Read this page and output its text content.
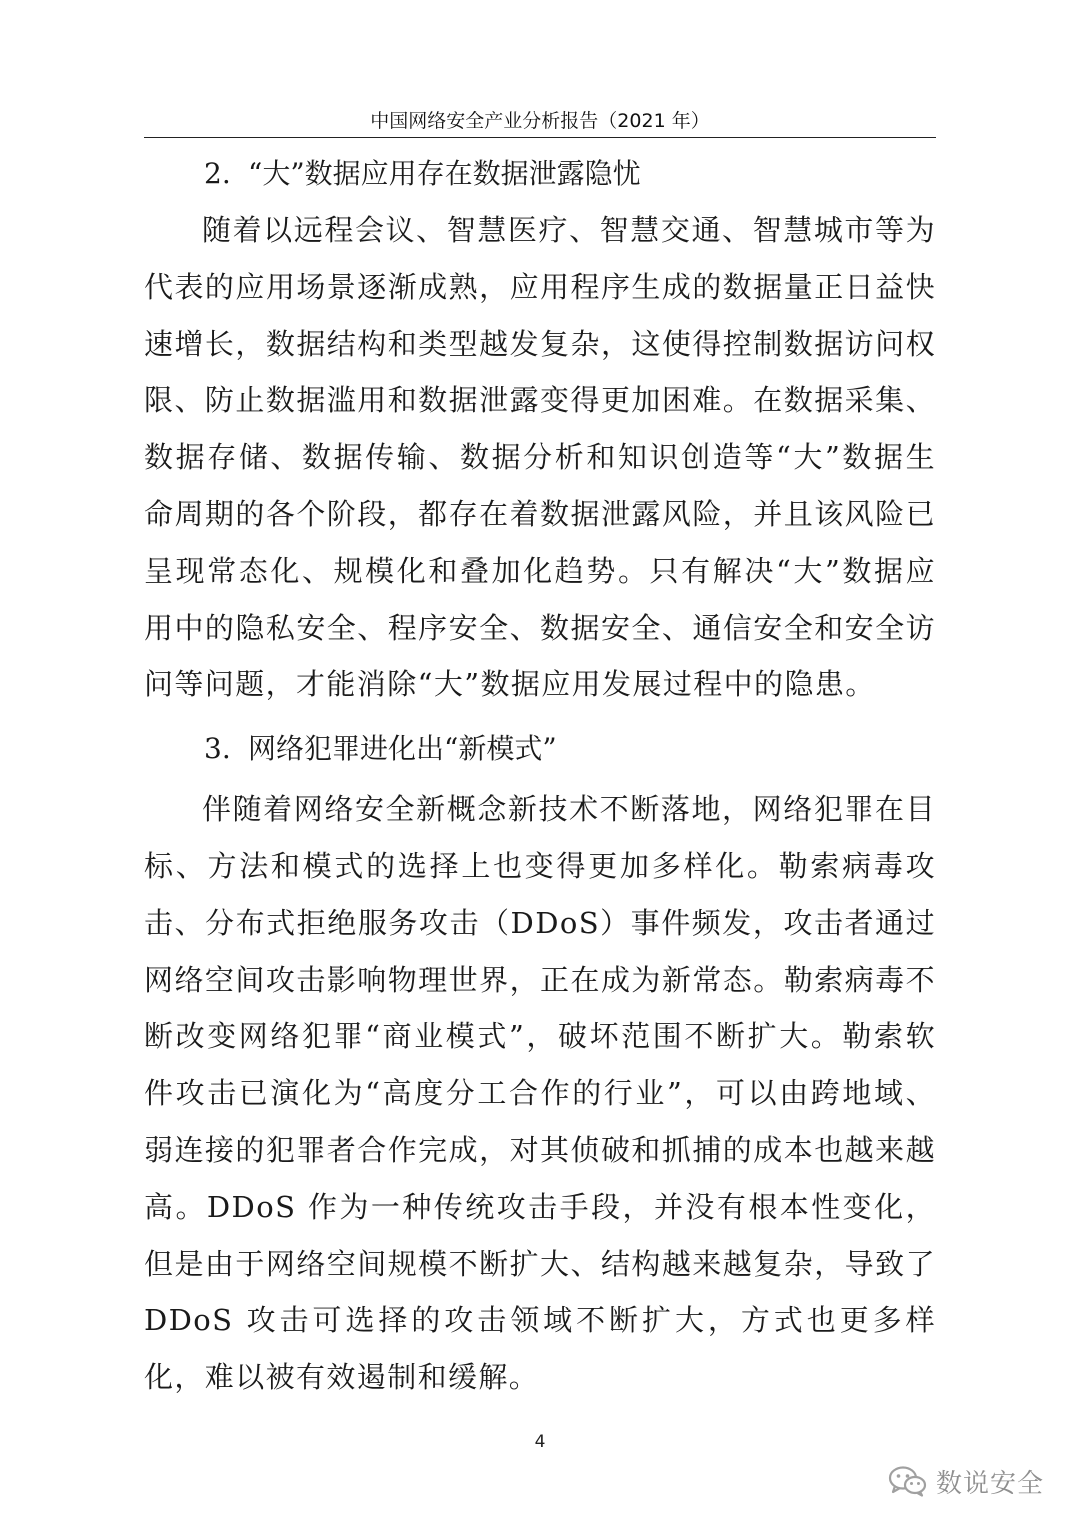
中国网络安全产业分析报告（2021 年）
2. “大”数据应用存在数据泄露隐忧
随着以远程会议、智慧医疗、智慧交通、智慧城市等为代表的应用场景逐渐成熟，应用程序生成的数据量正日益快速增长，数据结构和类型越发复杂，这使得控制数据访问权限、防止数据滥用和数据泄露变得更加困难。在数据采集、数据存储、数据传输、数据分析和知识创造等“大”数据生命周期的各个阶段，都存在着数据泄露风险，并且该风险已呈现常态化、规模化和叠加化趋势。只有解决“大”数据应用中的隐私安全、程序安全、数据安全、通信安全和安全访问等问题，才能消除“大”数据应用发展过程中的隐患。
3. 网络犯罪进化出“新模式”
伴随着网络安全新概念新技术不断落地，网络犯罪在目标、方法和模式的选择上也变得更加多样化。勒索病毒攻击、分布式拒绝服务攻击（DDoS）事件频发，攻击者通过网络空间攻击影响物理世界，正在成为新常态。勒索病毒不断改变网络犯罪“商业模式”，破坏范围不断扩大。勒索软件攻击已演化为“高度分工合作的行业”，可以由跨地域、弱连接的犯罪者合作完成，对其侦破和抓捕的成本也越来越高。DDoS 作为一种传统攻击手段，并没有根本性变化，但是由于网络空间规模不断扩大、结构越来越复杂，导致了 DDoS 攻击可选择的攻击领域不断扩大，方式也更多样化，难以被有效遏制和缓解。
4
数说安全
